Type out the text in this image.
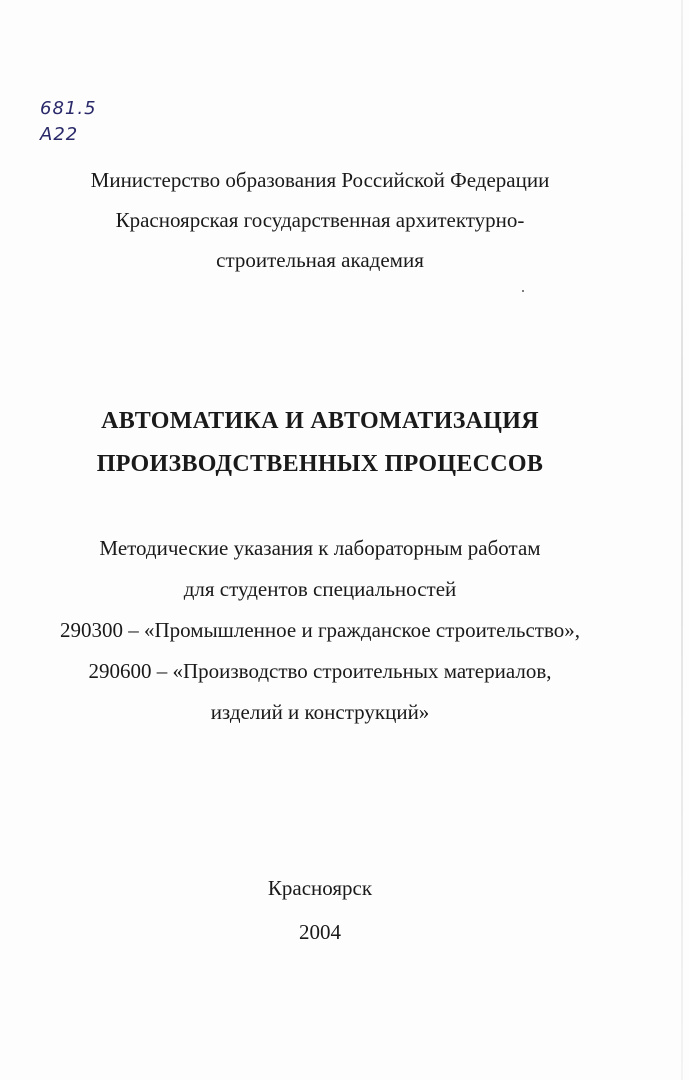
681.5
A22
Министерство образования Российской Федерации
Красноярская государственная архитектурно-
строительная академия
АВТОМАТИКА И АВТОМАТИЗАЦИЯ
ПРОИЗВОДСТВЕННЫХ ПРОЦЕССОВ
Методические указания к лабораторным работам
для студентов специальностей
290300 – «Промышленное и гражданское строительство»,
290600 – «Производство строительных материалов,
изделий и конструкций»
Красноярск
2004
